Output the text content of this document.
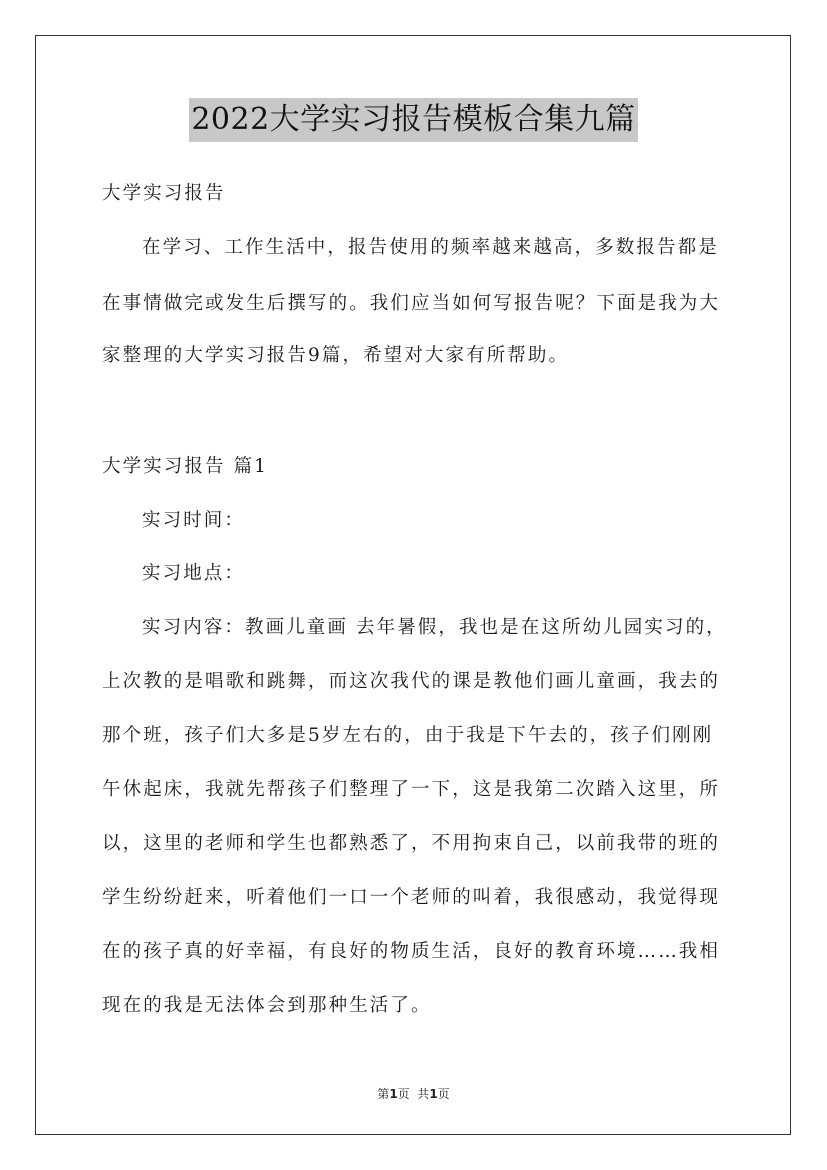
2022大学实习报告模板合集九篇
大学实习报告
在学习、工作生活中，报告使用的频率越来越高，多数报告都是
在事情做完或发生后撰写的。我们应当如何写报告呢？下面是我为大
家整理的大学实习报告9篇，希望对大家有所帮助。
大学实习报告 篇1
实习时间：
实习地点：
实习内容：教画儿童画 去年暑假，我也是在这所幼儿园实习的，
上次教的是唱歌和跳舞，而这次我代的课是教他们画儿童画，我去的
那个班，孩子们大多是5岁左右的，由于我是下午去的，孩子们刚刚
午休起床，我就先帮孩子们整理了一下，这是我第二次踏入这里，所
以，这里的老师和学生也都熟悉了，不用拘束自己，以前我带的班的
学生纷纷赶来，听着他们一口一个老师的叫着，我很感动，我觉得现
在的孩子真的好幸福，有良好的物质生活，良好的教育环境……我相
现在的我是无法体会到那种生活了。
第1页  共1页
